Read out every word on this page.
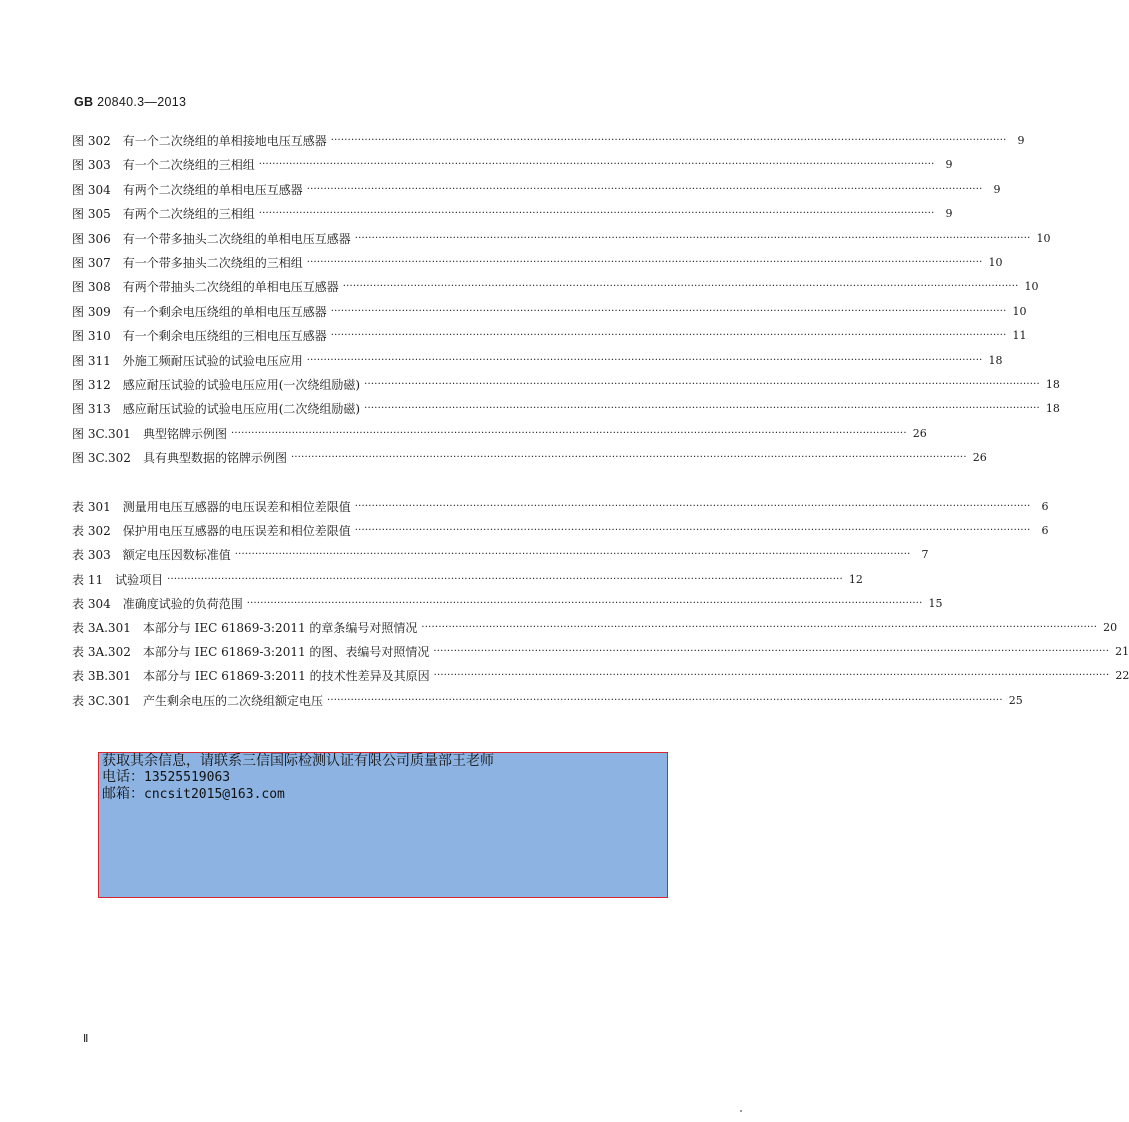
GB 20840.3—2013
图 302 有一个二次绕组的单相接地电压互感器 ········································································································································································································	9
图 303 有一个二次绕组的三相组 ········································································································································································································	9
图 304 有两个二次绕组的单相电压互感器 ········································································································································································································	9
图 305 有两个二次绕组的三相组 ········································································································································································································	9
图 306 有一个带多抽头二次绕组的单相电压互感器 ········································································································································································································ 10
图 307 有一个带多抽头二次绕组的三相组 ········································································································································································································ 10
图 308 有两个带抽头二次绕组的单相电压互感器 ········································································································································································································ 10
图 309 有一个剩余电压绕组的单相电压互感器 ········································································································································································································ 10
图 310 有一个剩余电压绕组的三相电压互感器 ········································································································································································································ 11
图 311 外施工频耐压试验的试验电压应用 ········································································································································································································ 18
图 312 感应耐压试验的试验电压应用(一次绕组励磁) ········································································································································································································ 18
图 313 感应耐压试验的试验电压应用(二次绕组励磁) ········································································································································································································ 18
图 3C.301 典型铭牌示例图 ········································································································································································································ 26
图 3C.302 具有典型数据的铭牌示例图 ········································································································································································································ 26
表 301 测量用电压互感器的电压误差和相位差限值 ········································································································································································································	6
表 302 保护用电压互感器的电压误差和相位差限值 ········································································································································································································	6
表 303 额定电压因数标准值 ········································································································································································································	7
表 11 试验项目 ········································································································································································································ 12
表 304 准确度试验的负荷范围 ········································································································································································································ 15
表 3A.301 本部分与 IEC 61869-3:2011 的章条编号对照情况 ········································································································································································································ 20
表 3A.302 本部分与 IEC 61869-3:2011 的图、表编号对照情况 ········································································································································································································ 21
表 3B.301 本部分与 IEC 61869-3:2011 的技术性差异及其原因 ········································································································································································································ 22
表 3C.301 产生剩余电压的二次绕组额定电压 ········································································································································································································ 25
获取其余信息，请联系三信国际检测认证有限公司质量部王老师
电话：13525519063
邮箱：cncsit2015@163.com
Ⅱ
